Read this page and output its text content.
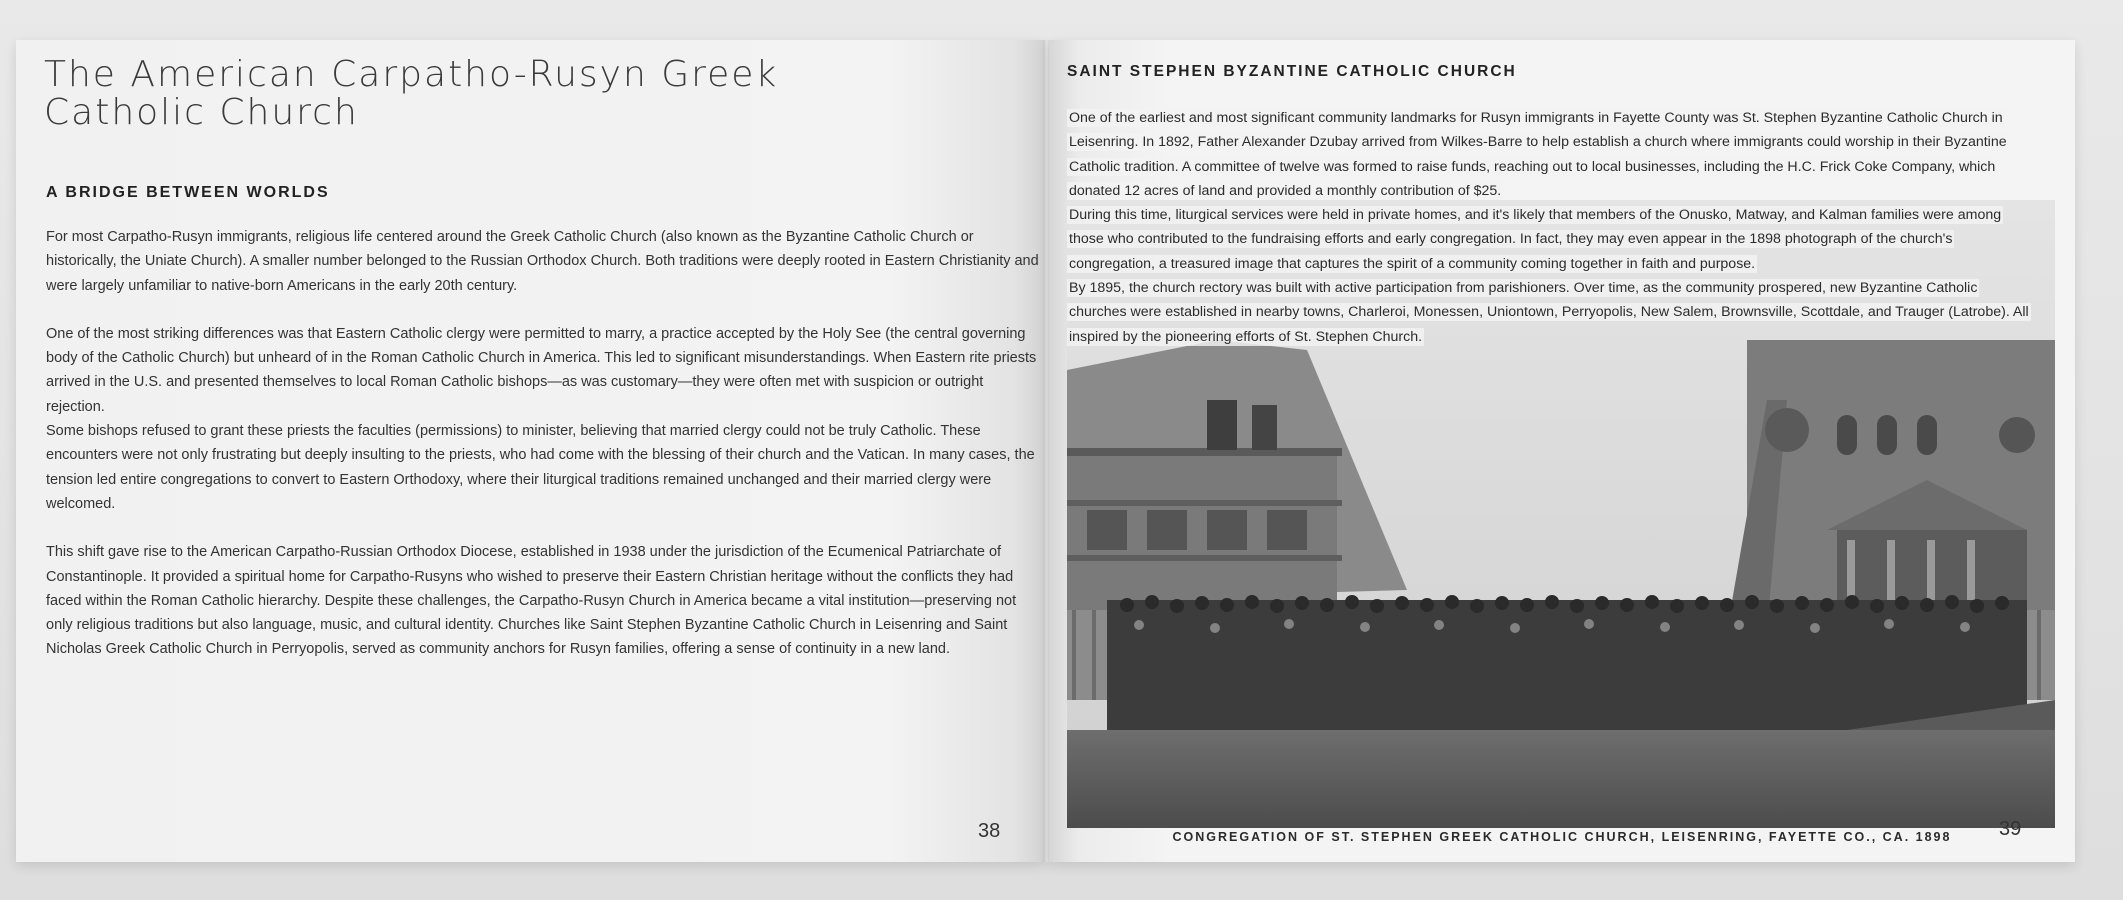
The American Carpatho-Rusyn Greek
Catholic Church
A BRIDGE BETWEEN WORLDS

For most Carpatho-Rusyn immigrants, religious life centered around the Greek Catholic Church (also known as the Byzantine Catholic Church or historically, the Uniate Church). A smaller number belonged to the Russian Orthodox Church. Both traditions were deeply rooted in Eastern Christianity and were largely unfamiliar to native-born Americans in the early 20th century.

One of the most striking differences was that Eastern Catholic clergy were permitted to marry, a practice accepted by the Holy See (the central governing body of the Catholic Church) but unheard of in the Roman Catholic Church in America. This led to significant misunderstandings. When Eastern rite priests arrived in the U.S. and presented themselves to local Roman Catholic bishops—as was customary—they were often met with suspicion or outright rejection.

Some bishops refused to grant these priests the faculties (permissions) to minister, believing that married clergy could not be truly Catholic. These encounters were not only frustrating but deeply insulting to the priests, who had come with the blessing of their church and the Vatican. In many cases, the tension led entire congregations to convert to Eastern Orthodoxy, where their liturgical traditions remained unchanged and their married clergy were welcomed.

This shift gave rise to the American Carpatho-Russian Orthodox Diocese, established in 1938 under the jurisdiction of the Ecumenical Patriarchate of Constantinople. It provided a spiritual home for Carpatho-Rusyns who wished to preserve their Eastern Christian heritage without the conflicts they had faced within the Roman Catholic hierarchy. Despite these challenges, the Carpatho-Rusyn Church in America became a vital institution—preserving not only religious traditions but also language, music, and cultural identity. Churches like Saint Stephen Byzantine Catholic Church in Leisenring and Saint Nicholas Greek Catholic Church in Perryopolis, served as community anchors for Rusyn families, offering a sense of continuity in a new land.

38
SAINT STEPHEN BYZANTINE CATHOLIC CHURCH

One of the earliest and most significant community landmarks for Rusyn immigrants in Fayette County was St. Stephen Byzantine Catholic Church in Leisenring. In 1892, Father Alexander Dzubay arrived from Wilkes-Barre to help establish a church where immigrants could worship in their Byzantine Catholic tradition. A committee of twelve was formed to raise funds, reaching out to local businesses, including the H.C. Frick Coke Company, which donated 12 acres of land and provided a monthly contribution of $25.

During this time, liturgical services were held in private homes, and it's likely that members of the Onusko, Matway, and Kalman families were among those who contributed to the fundraising efforts and early congregation. In fact, they may even appear in the 1898 photograph of the church's congregation, a treasured image that captures the spirit of a community coming together in faith and purpose.

By 1895, the church rectory was built with active participation from parishioners. Over time, as the community prospered, new Byzantine Catholic churches were established in nearby towns, Charleroi, Monessen, Uniontown, Perryopolis, New Salem, Brownsville, Scottdale, and Trauger (Latrobe). All inspired by the pioneering efforts of St. Stephen Church.

CONGREGATION OF ST. STEPHEN GREEK CATHOLIC CHURCH, LEISENRING, FAYETTE CO., CA. 1898	39
